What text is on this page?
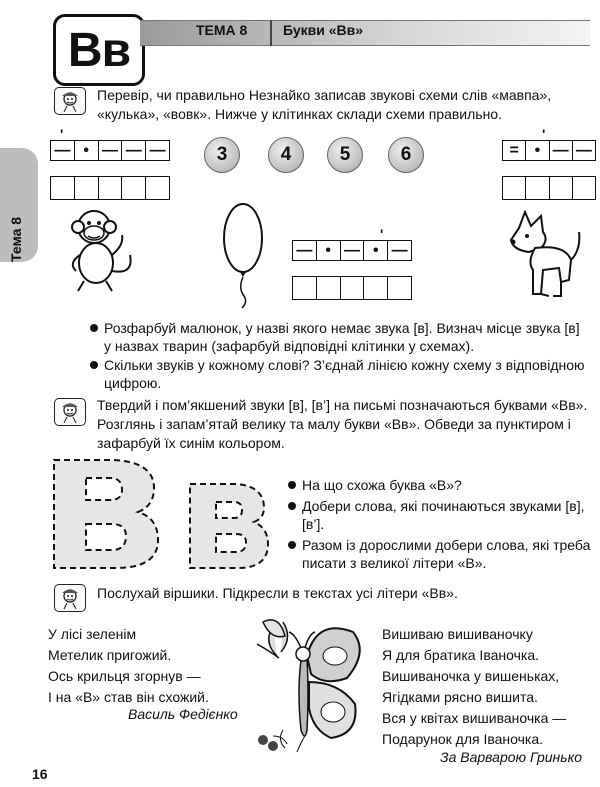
Вв	ТЕМА 8	Букви «Вв»
Тема 8
Перевір, чи правильно Незнайко записав звукові схеми слів «мавпа», «кулька», «вовк». Нижче у клітинках склади схеми правильно.
'
— • — — —	3	4	5	6
'
= • — —
'
— • — • —
Розфарбуй малюнок, у назві якого немає звука [в]. Визнач місце звука [в] у назвах тварин (зафарбуй відповідні клітинки у схемах).
Скільки звуків у кожному слові? З’єднай лінією кожну схему з відповідною цифрою.
Твердий і пом’якшений звуки [в], [в’] на письмі позначаються буквами «Вв». Розглянь і запам’ятай велику та малу букви «Вв». Обведи за пунктиром і зафарбуй їх синім кольором.
На що схожа буква «В»?
Добери слова, які починаються звуками [в], [в’].
Разом із дорослими добери слова, які треба писати з великої літери «В».
Послухай віршики. Підкресли в текстах усі літери «Вв».
У лісі зеленім
Метелик пригожий.
Ось крильця згорнув —
І на «В» став він схожий.
Василь Федієнко
Вишиваю вишиваночку
Я для братика Іваночка.
Вишиваночка у вишеньках,
Ягідками рясно вишита.
Вся у квітах вишиваночка —
Подарунок для Іваночка.
За Варварою Гринько
16
